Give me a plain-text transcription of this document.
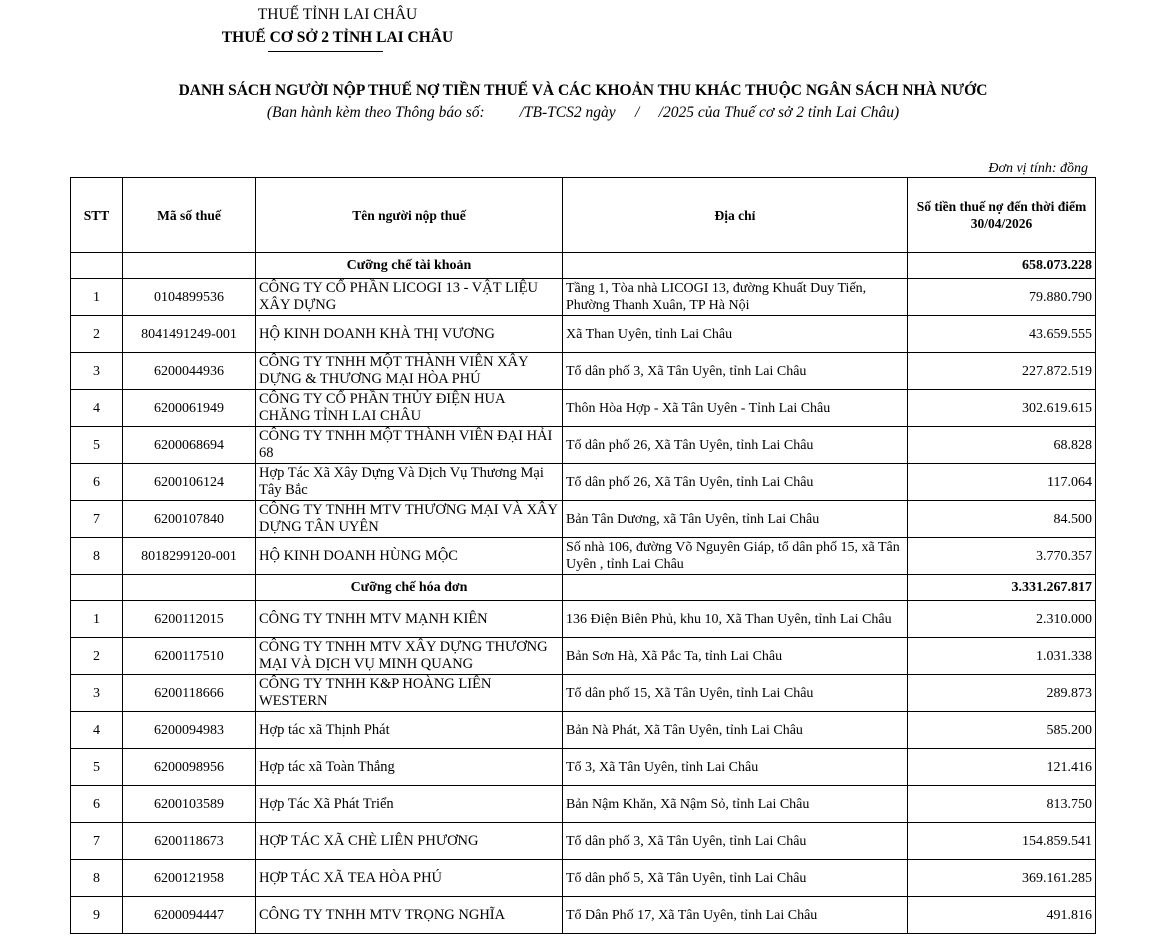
THUẾ TỈNH LAI CHÂU
THUẾ CƠ SỞ 2 TỈNH LAI CHÂU
DANH SÁCH NGƯỜI NỘP THUẾ NỢ TIỀN THUẾ VÀ CÁC KHOẢN THU KHÁC THUỘC NGÂN SÁCH NHÀ NƯỚC
(Ban hành kèm theo Thông báo số:         /TB-TCS2 ngày     /     /2025 của Thuế cơ sở 2 tỉnh Lai Châu)
Đơn vị tính: đồng
STT	Mã số thuế	Tên người nộp thuế	Địa chỉ	Số tiền thuế nợ đến thời điểm 30/04/2026
		Cưỡng chế tài khoản		658.073.228
1	0104899536	CÔNG TY CỔ PHẦN LICOGI 13 - VẬT LIỆU XÂY DỰNG	Tầng 1, Tòa nhà LICOGI 13, đường Khuất Duy Tiến, Phường Thanh Xuân, TP Hà Nội	79.880.790
2	8041491249-001	HỘ KINH DOANH KHÀ THỊ VƯƠNG	Xã Than Uyên, tỉnh Lai Châu	43.659.555
3	6200044936	CÔNG TY TNHH MỘT THÀNH VIÊN XÂY DỰNG & THƯƠNG MẠI HÒA PHÚ	Tổ dân phố 3, Xã Tân Uyên, tỉnh Lai Châu	227.872.519
4	6200061949	CÔNG TY CỔ PHẦN THỦY ĐIỆN HUA CHĂNG TỈNH LAI CHÂU	Thôn Hòa Hợp - Xã Tân Uyên - Tỉnh Lai Châu	302.619.615
5	6200068694	CÔNG TY TNHH MỘT THÀNH VIÊN ĐẠI HẢI 68	Tổ dân phố 26, Xã Tân Uyên, tỉnh Lai Châu	68.828
6	6200106124	Hợp Tác Xã Xây Dựng Và Dịch Vụ Thương Mại Tây Bắc	Tổ dân phố 26, Xã Tân Uyên, tỉnh Lai Châu	117.064
7	6200107840	CÔNG TY TNHH MTV THƯƠNG MẠI VÀ XÂY DỰNG TÂN UYÊN	Bản Tân Dương, xã Tân Uyên, tỉnh Lai Châu	84.500
8	8018299120-001	HỘ KINH DOANH HÙNG MỘC	Số nhà 106, đường Võ Nguyên Giáp, tổ dân phố 15, xã Tân Uyên , tỉnh Lai Châu	3.770.357
		Cưỡng chế hóa đơn		3.331.267.817
1	6200112015	CÔNG TY TNHH MTV MẠNH KIÊN	136 Điện Biên Phủ, khu 10, Xã Than Uyên, tỉnh Lai Châu	2.310.000
2	6200117510	CÔNG TY TNHH MTV XÂY DỰNG THƯƠNG MẠI VÀ DỊCH VỤ MINH QUANG	Bản Sơn Hà, Xã Pắc Ta, tỉnh Lai Châu	1.031.338
3	6200118666	CÔNG TY TNHH K&P HOÀNG LIÊN WESTERN	Tổ dân phố 15, Xã Tân Uyên, tỉnh Lai Châu	289.873
4	6200094983	Hợp tác xã Thịnh Phát	Bản Nà Phát, Xã Tân Uyên, tỉnh Lai Châu	585.200
5	6200098956	Hợp tác xã Toàn Thắng	Tổ 3, Xã Tân Uyên, tỉnh Lai Châu	121.416
6	6200103589	Hợp Tác Xã Phát Triển	Bản Nậm Khăn, Xã Nậm Sỏ, tỉnh Lai Châu	813.750
7	6200118673	HỢP TÁC XÃ CHÈ LIÊN PHƯƠNG	Tổ dân phố 3, Xã Tân Uyên, tỉnh Lai Châu	154.859.541
8	6200121958	HỢP TÁC XÃ TEA HÒA PHÚ	Tổ dân phố 5, Xã Tân Uyên, tỉnh Lai Châu	369.161.285
9	6200094447	CÔNG TY TNHH MTV TRỌNG NGHĨA	Tổ Dân Phố 17, Xã Tân Uyên, tỉnh Lai Châu	491.816
